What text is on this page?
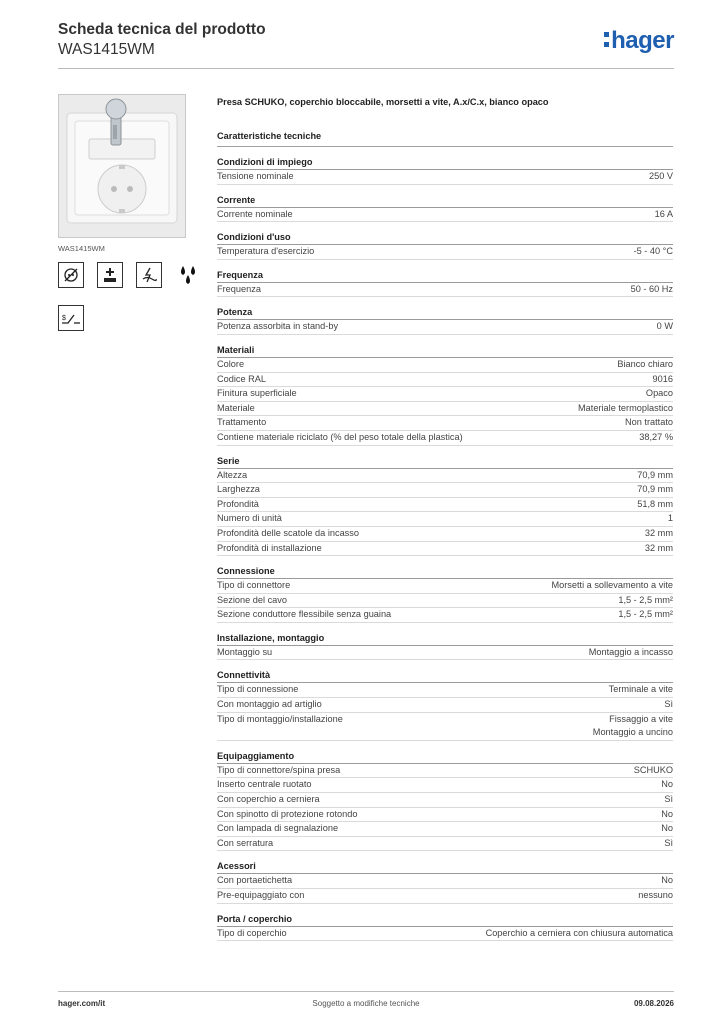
Scheda tecnica del prodotto
WAS1415WM	hager
WAS1415WM
$
Presa SCHUKO, coperchio bloccabile, morsetti a vite, A.x/C.x, bianco opaco
Caratteristiche tecniche
Condizioni di impiego
Tensione nominale	250 V
Corrente
Corrente nominale	16 A
Condizioni d'uso
Temperatura d'esercizio	-5 - 40 °C
Frequenza
Frequenza	50 - 60 Hz
Potenza
Potenza assorbita in stand-by	0 W
Materiali
Colore	Bianco chiaro
Codice RAL	9016
Finitura superficiale	Opaco
Materiale	Materiale termoplastico
Trattamento	Non trattato
Contiene materiale riciclato (% del peso totale della plastica)	38,27 %
Serie
Altezza	70,9 mm
Larghezza	70,9 mm
Profondità	51,8 mm
Numero di unità	1
Profondità delle scatole da incasso	32 mm
Profondità di installazione	32 mm
Connessione
Tipo di connettore	Morsetti a sollevamento a vite
Sezione del cavo	1,5 - 2,5 mm²
Sezione conduttore flessibile senza guaina	1,5 - 2,5 mm²
Installazione, montaggio
Montaggio su	Montaggio a incasso
Connettività
Tipo di connessione	Terminale a vite
Con montaggio ad artiglio	Sì
Tipo di montaggio/installazione	Fissaggio a vite
Montaggio a uncino
Equipaggiamento
Tipo di connettore/spina presa	SCHUKO
Inserto centrale ruotato	No
Con coperchio a cerniera	Sì
Con spinotto di protezione rotondo	No
Con lampada di segnalazione	No
Con serratura	Sì
Acessori
Con portaetichetta	No
Pre-equipaggiato con	nessuno
Porta / coperchio
Tipo di coperchio	Coperchio a cerniera con chiusura automatica
hager.com/it	Soggetto a modifiche tecniche	09.08.2026
